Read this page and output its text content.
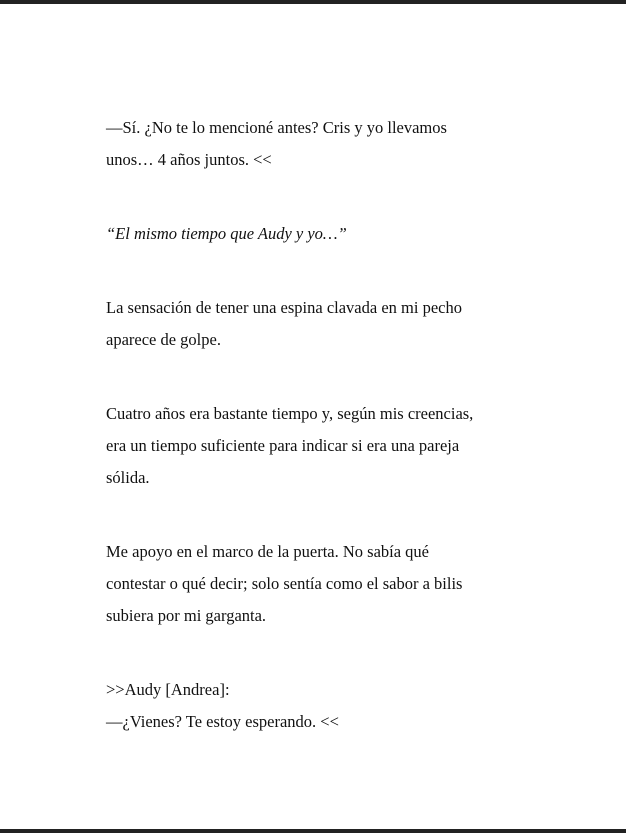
—Sí. ¿No te lo mencioné antes? Cris y yo llevamos
unos… 4 años juntos. <<

“El mismo tiempo que Audy y yo…”

La sensación de tener una espina clavada en mi pecho
aparece de golpe.

Cuatro años era bastante tiempo y, según mis creencias,
era un tiempo suficiente para indicar si era una pareja
sólida.

Me apoyo en el marco de la puerta. No sabía qué
contestar o qué decir; solo sentía como el sabor a bilis
subiera por mi garganta.

>>Audy [Andrea]:

—¿Vienes? Te estoy esperando. <<
